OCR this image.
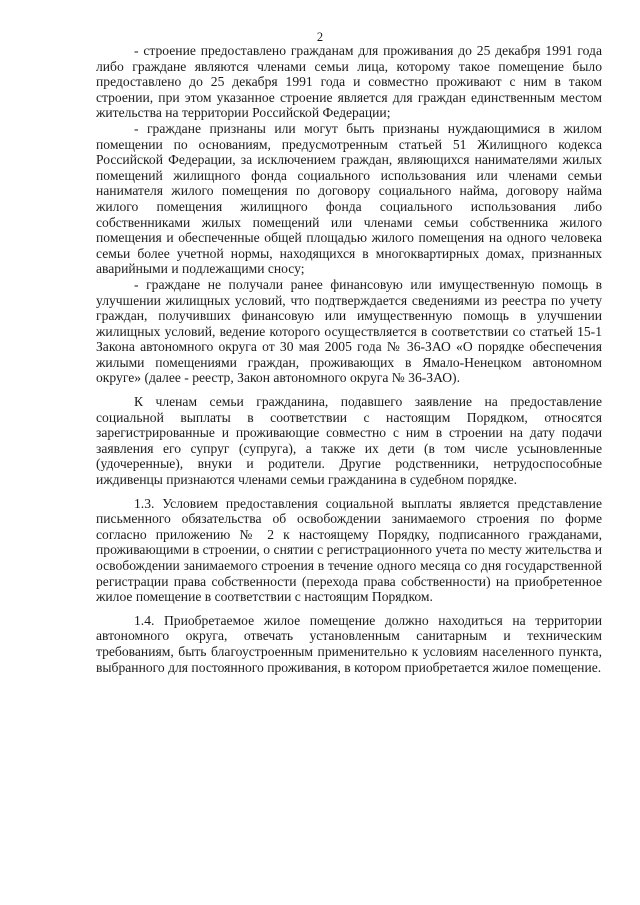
2

- строение предоставлено гражданам для проживания до 25 декабря 1991 года либо граждане являются членами семьи лица, которому такое помещение было предоставлено до 25 декабря 1991 года и совместно проживают с ним в таком строении, при этом указанное строение является для граждан единственным местом жительства на территории Российской Федерации;

- граждане признаны или могут быть признаны нуждающимися в жилом помещении по основаниям, предусмотренным статьей 51 Жилищного кодекса Российской Федерации, за исключением граждан, являющихся нанимателями жилых помещений жилищного фонда социального использования или членами семьи нанимателя жилого помещения по договору социального найма, договору найма жилого помещения жилищного фонда социального использования либо собственниками жилых помещений или членами семьи собственника жилого помещения и обеспеченные общей площадью жилого помещения на одного человека семьи более учетной нормы, находящихся в многоквартирных домах, признанных аварийными и подлежащими сносу;

- граждане не получали ранее финансовую или имущественную помощь в улучшении жилищных условий, что подтверждается сведениями из реестра по учету граждан, получивших финансовую или имущественную помощь в улучшении жилищных условий, ведение которого осуществляется в соответствии со статьей 15-1 Закона автономного округа от 30 мая 2005 года № 36-ЗАО «О порядке обеспечения жилыми помещениями граждан, проживающих в Ямало-Ненецком автономном округе» (далее - реестр, Закон автономного округа № 36-ЗАО).

К членам семьи гражданина, подавшего заявление на предоставление социальной выплаты в соответствии с настоящим Порядком, относятся зарегистрированные и проживающие совместно с ним в строении на дату подачи заявления его супруг (супруга), а также их дети (в том числе усыновленные (удочеренные), внуки и родители. Другие родственники, нетрудоспособные иждивенцы признаются членами семьи гражданина в судебном порядке.

1.3. Условием предоставления социальной выплаты является представление письменного обязательства об освобождении занимаемого строения по форме согласно приложению № 2 к настоящему Порядку, подписанного гражданами, проживающими в строении, о снятии с регистрационного учета по месту жительства и освобождении занимаемого строения в течение одного месяца со дня государственной регистрации права собственности (перехода права собственности) на приобретенное жилое помещение в соответствии с настоящим Порядком.

1.4. Приобретаемое жилое помещение должно находиться на территории автономного округа, отвечать установленным санитарным и техническим требованиям, быть благоустроенным применительно к условиям населенного пункта, выбранного для постоянного проживания, в котором приобретается жилое помещение.
